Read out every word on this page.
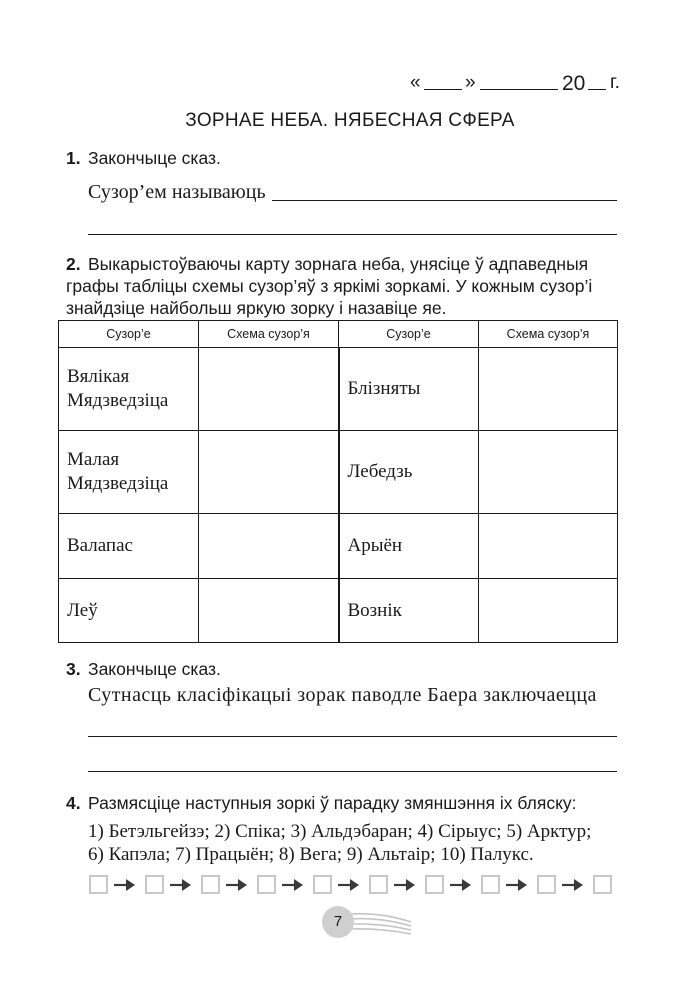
« »	20 г.
ЗОРНАЕ НЕБА. НЯБЕСНАЯ СФЕРА
1. Закончыце сказ.
Сузор’ем называюць
2. Выкарыстоўваючы карту зорнага неба, унясіце ў адпаведныя графы табліцы схемы сузор’яў з яркімі зоркамі. У кожным сузор’і знайдзіце найбольш яркую зорку і назавіце яе.
Сузор’е	Схема сузор’я	Сузор’е	Схема сузор’я
Вялікая Мядзведзіца		Блізняты	
Малая Мядзведзіца		Лебедзь	
Валапас		Арыён	
Леў		Вознік	
3. Закончыце сказ.
Сутнасць класіфікацыі зорак паводле Баера заключаецца
4. Размясціце наступныя зоркі ў парадку змяншэння іх бляску:
1) Бетэльгейзэ; 2) Спіка; 3) Альдэбаран; 4) Сірыус; 5) Арктур;
6) Капэла; 7) Працыён; 8) Вега; 9) Альтаір; 10) Палукс.
7
